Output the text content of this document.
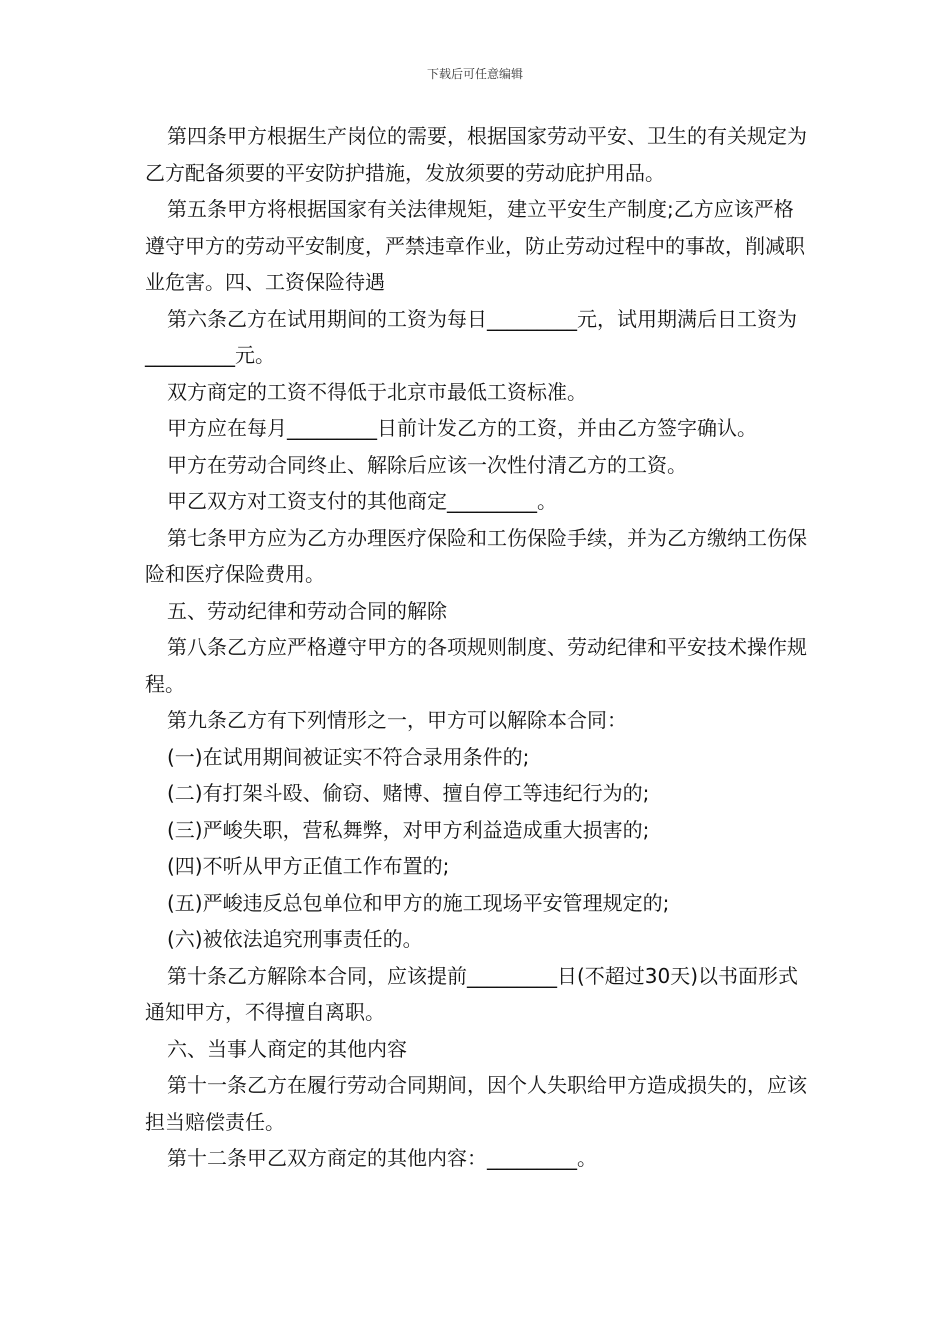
下载后可任意编辑

第四条甲方根据生产岗位的需要，根据国家劳动平安、卫生的有关规定为乙方配备须要的平安防护措施，发放须要的劳动庇护用品。

第五条甲方将根据国家有关法律规矩，建立平安生产制度;乙方应该严格遵守甲方的劳动平安制度，严禁违章作业，防止劳动过程中的事故，削减职业危害。四、工资保险待遇

第六条乙方在试用期间的工资为每日_________元，试用期满后日工资为_________元。

双方商定的工资不得低于北京市最低工资标准。

甲方应在每月_________日前计发乙方的工资，并由乙方签字确认。

甲方在劳动合同终止、解除后应该一次性付清乙方的工资。

甲乙双方对工资支付的其他商定_________。

第七条甲方应为乙方办理医疗保险和工伤保险手续，并为乙方缴纳工伤保险和医疗保险费用。

五、劳动纪律和劳动合同的解除

第八条乙方应严格遵守甲方的各项规则制度、劳动纪律和平安技术操作规程。

第九条乙方有下列情形之一，甲方可以解除本合同：

(一)在试用期间被证实不符合录用条件的;

(二)有打架斗殴、偷窃、赌博、擅自停工等违纪行为的;

(三)严峻失职，营私舞弊，对甲方利益造成重大损害的;

(四)不听从甲方正值工作布置的;

(五)严峻违反总包单位和甲方的施工现场平安管理规定的;

(六)被依法追究刑事责任的。

第十条乙方解除本合同，应该提前_________日(不超过30天)以书面形式通知甲方，不得擅自离职。

六、当事人商定的其他内容

第十一条乙方在履行劳动合同期间，因个人失职给甲方造成损失的，应该担当赔偿责任。

第十二条甲乙双方商定的其他内容：_________。
